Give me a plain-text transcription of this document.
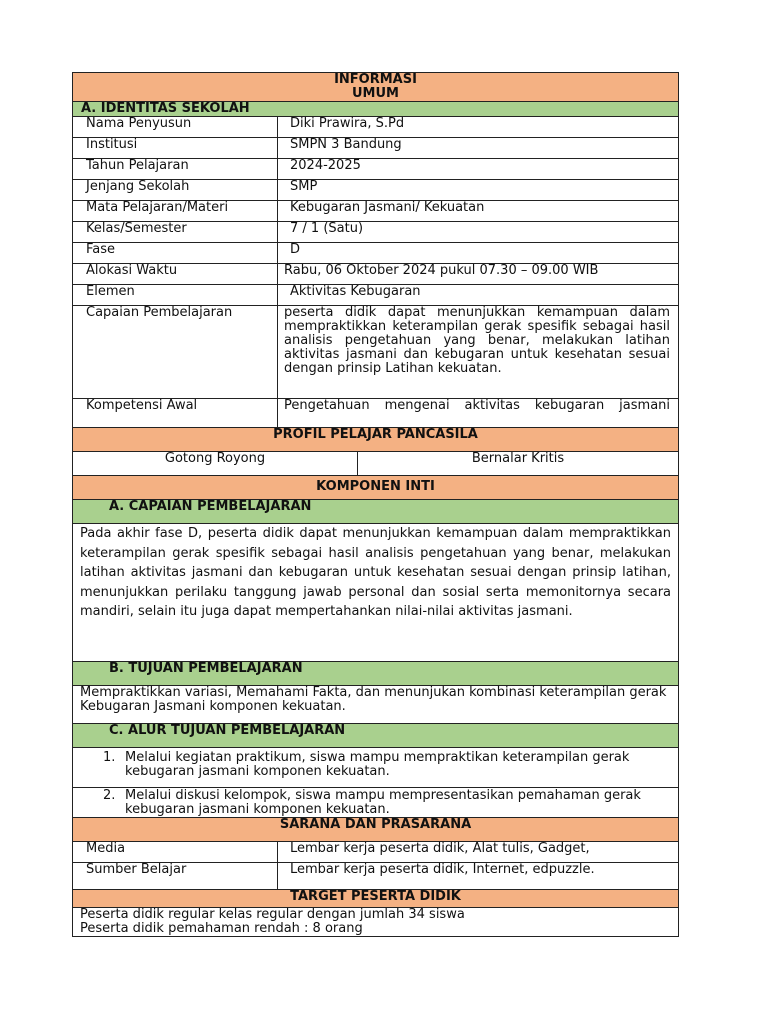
INFORMASI
UMUM		

A. IDENTITAS SEKOLAH		
Nama Penyusun	Diki Prawira, S.Pd	
Institusi	SMPN 3 Bandung	
Tahun Pelajaran	2024-2025	
Jenjang Sekolah	SMP	
Mata Pelajaran/Materi	Kebugaran Jasmani/ Kekuatan	
Kelas/Semester	7 / 1 (Satu)	
Fase	D	
Alokasi Waktu	Rabu, 06 Oktober 2024 pukul 07.30 – 09.00 WIB	
Elemen	Aktivitas Kebugaran	
Capaian Pembelajaran	peserta didik dapat menunjukkan kemampuan dalam mempraktikkan keterampilan gerak spesifik sebagai hasil analisis pengetahuan yang benar, melakukan latihan aktivitas jasmani dan kebugaran untuk kesehatan sesuai dengan prinsip Latihan kekuatan.	
Kompetensi Awal	Pengetahuan mengenai aktivitas kebugaran jasmani	
PROFIL PELAJAR PANCASILA		
Gotong Royong		Bernalar Kritis
KOMPONEN INTI		
A. CAPAIAN PEMBELAJARAN		
Pada akhir fase D, peserta didik dapat menunjukkan kemampuan dalam mempraktikkan keterampilan gerak spesifik sebagai hasil analisis pengetahuan yang benar, melakukan latihan aktivitas jasmani dan kebugaran untuk kesehatan sesuai dengan prinsip latihan, menunjukkan perilaku tanggung jawab personal dan sosial serta memonitornya secara mandiri, selain itu juga dapat mempertahankan nilai-nilai aktivitas jasmani.		
B. TUJUAN PEMBELAJARAN		
Mempraktikkan variasi, Memahami Fakta, dan menunjukan kombinasi keterampilan gerak Kebugaran Jasmani komponen kekuatan.		
C. ALUR TUJUAN PEMBELAJARAN		
1. Melalui kegiatan praktikum, siswa mampu mempraktikan keterampilan gerak kebugaran jasmani komponen kekuatan.		
2. Melalui diskusi kelompok, siswa mampu mempresentasikan pemahaman gerak kebugaran jasmani komponen kekuatan.		
SARANA DAN PRASARANA		
Media	Lembar kerja peserta didik, Alat tulis, Gadget,	
Sumber Belajar	Lembar kerja peserta didik, Internet, edpuzzle.	
TARGET PESERTA DIDIK		

Peserta didik regular kelas regular dengan jumlah 34 siswa
Peserta didik pemahaman rendah : 8 orang		
